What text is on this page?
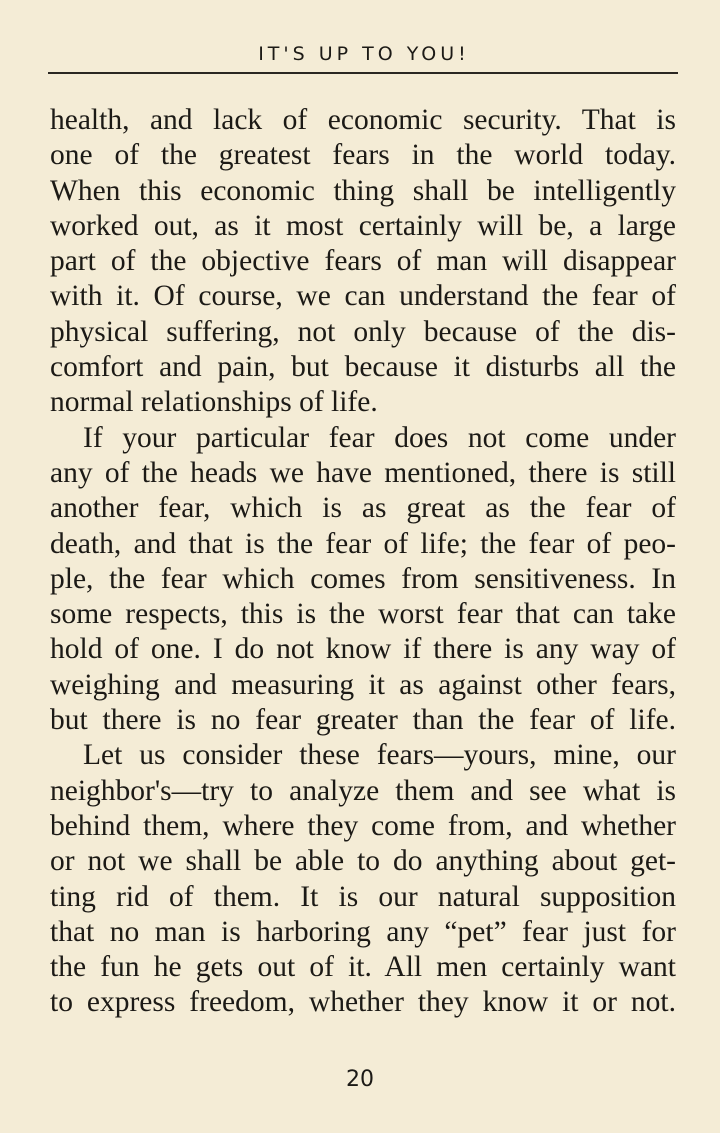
IT'S UP TO YOU!
health, and lack of economic security. That is
one of the greatest fears in the world today.
When this economic thing shall be intelligently
worked out, as it most certainly will be, a large
part of the objective fears of man will disappear
with it. Of course, we can understand the fear of
physical suffering, not only because of the dis-
comfort and pain, but because it disturbs all the
normal relationships of life.
If your particular fear does not come under
any of the heads we have mentioned, there is still
another fear, which is as great as the fear of
death, and that is the fear of life; the fear of peo-
ple, the fear which comes from sensitiveness. In
some respects, this is the worst fear that can take
hold of one. I do not know if there is any way of
weighing and measuring it as against other fears,
but there is no fear greater than the fear of life.
Let us consider these fears—yours, mine, our
neighbor's—try to analyze them and see what is
behind them, where they come from, and whether
or not we shall be able to do anything about get-
ting rid of them. It is our natural supposition
that no man is harboring any “pet” fear just for
the fun he gets out of it. All men certainly want
to express freedom, whether they know it or not.
20
